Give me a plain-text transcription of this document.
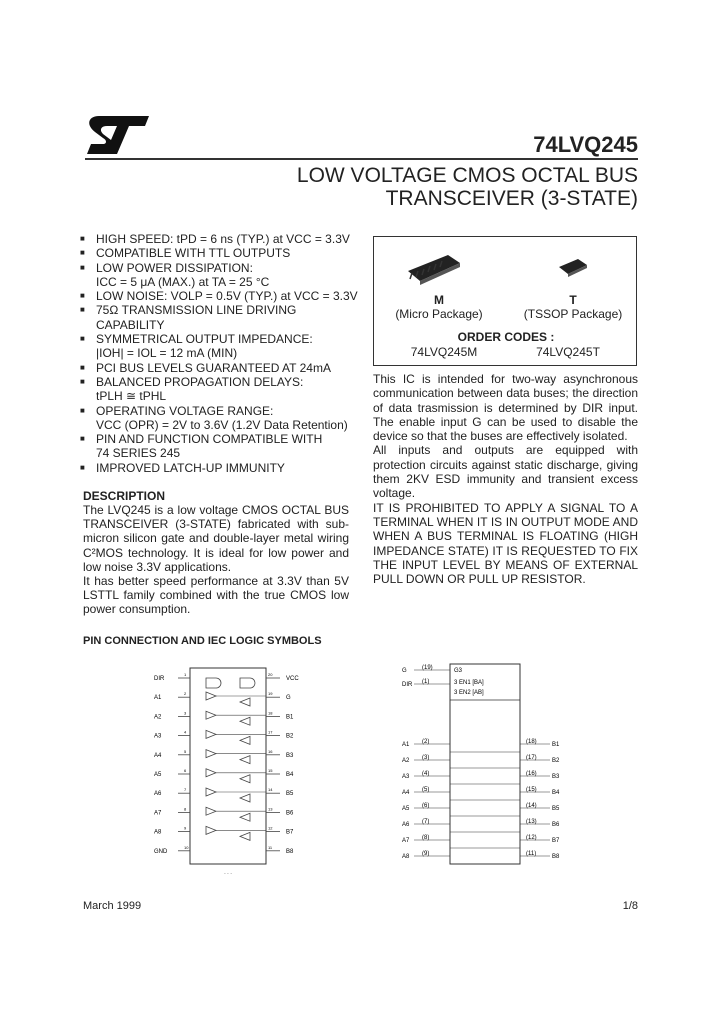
74LVQ245
LOW VOLTAGE CMOS OCTAL BUS
TRANSCEIVER (3-STATE)
■ HIGH SPEED: tPD = 6 ns (TYP.) at VCC = 3.3V
■ COMPATIBLE WITH TTL OUTPUTS
■ LOW POWER DISSIPATION:
ICC = 5 μA (MAX.) at TA = 25 °C
■ LOW NOISE: VOLP = 0.5V (TYP.) at VCC = 3.3V
■ 75Ω TRANSMISSION LINE DRIVING
CAPABILITY
■ SYMMETRICAL OUTPUT IMPEDANCE:
|IOH| = IOL = 12 mA (MIN)
■ PCI BUS LEVELS GUARANTEED AT 24mA
■ BALANCED PROPAGATION DELAYS:
tPLH ≅ tPHL
■ OPERATING VOLTAGE RANGE:
VCC (OPR) = 2V to 3.6V (1.2V Data Retention)
■ PIN AND FUNCTION COMPATIBLE WITH
74 SERIES 245
■ IMPROVED LATCH-UP IMMUNITY
M
(Micro Package)
T
(TSSOP Package)
ORDER CODES :
74LVQ245M	74LVQ245T
DESCRIPTION
The LVQ245 is a low voltage CMOS OCTAL BUS TRANSCEIVER (3-STATE) fabricated with sub-micron silicon gate and double-layer metal wiring C²MOS technology. It is ideal for low power and low noise 3.3V applications.
It has better speed performance at 3.3V than 5V LSTTL family combined with the true CMOS low power consumption.
This IC is intended for two-way asynchronous communication between data buses; the direction of data trasmission is determined by DIR input. The enable input G can be used to disable the device so that the buses are effectively isolated.
All inputs and outputs are equipped with protection circuits against static discharge, giving them 2KV ESD immunity and transient excess voltage.
IT IS PROHIBITED TO APPLY A SIGNAL TO A TERMINAL WHEN IT IS IN OUTPUT MODE AND WHEN A BUS TERMINAL IS FLOATING (HIGH IMPEDANCE STATE) IT IS REQUESTED TO FIX THE INPUT LEVEL BY MEANS OF EXTERNAL PULL DOWN OR PULL UP RESISTOR.
PIN CONNECTION AND IEC LOGIC SYMBOLS
· · ·
DIR
1
A1
2
A2
3
A3
4
A4
5
A5
6
A6
7
A7
8
A8
9
GND
10
VCC
20
G
19
B1
18
B2
17
B3
16
B4
15
B5
14
B6
13
B7
12
B8
11
G3
3 EN1 [BA]
3 EN2 [AB]
G	(19)
DIR (1)
A1 (2)
A2 (3)
A3 (4)
A4 (5)
A5 (6)
A6 (7)
A7 (8)
A8 (9)
B1
(18)
B2
(17)
B3
(16)
B4
(15)
B5
(14)
B6
(13)
B7
(12)
B8
(11)
March 1999	1/8
